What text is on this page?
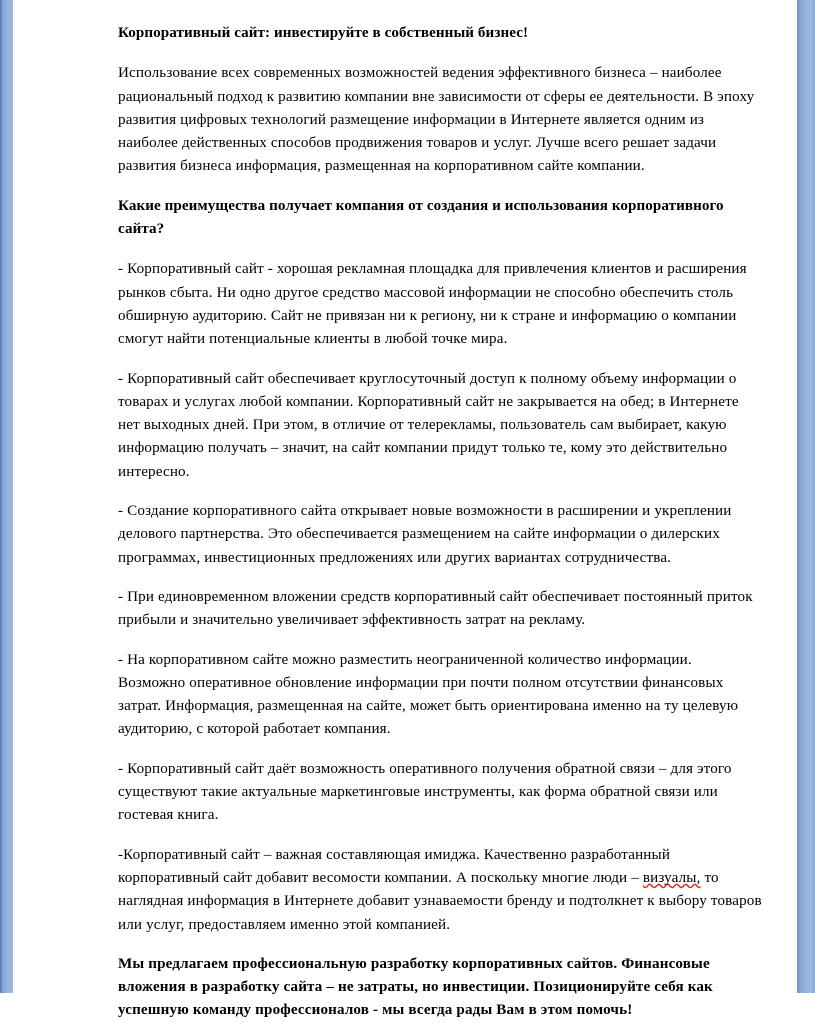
Корпоративный сайт: инвестируйте в собственный бизнес!

Использование всех современных возможностей ведения эффективного бизнеса – наиболее рациональный подход к развитию компании вне зависимости от сферы ее деятельности. В эпоху развития цифровых технологий размещение информации в Интернете является одним из наиболее действенных способов продвижения товаров и услуг. Лучше всего решает задачи развития бизнеса информация, размещенная на корпоративном сайте компании.

Какие преимущества получает компания от создания и использования корпоративного сайта?

- Корпоративный сайт - хорошая рекламная площадка для привлечения клиентов и расширения рынков сбыта. Ни одно другое средство массовой информации не способно обеспечить столь обширную аудиторию. Сайт не привязан ни к региону, ни к стране и информацию о компании смогут найти потенциальные клиенты в любой точке мира.

- Корпоративный сайт обеспечивает круглосуточный доступ к полному объему информации о товарах и услугах любой компании. Корпоративный сайт не закрывается на обед; в Интернете нет выходных дней. При этом, в отличие от телерекламы, пользователь сам выбирает, какую информацию получать – значит, на сайт компании придут только те, кому это действительно интересно.

- Создание корпоративного сайта открывает новые возможности в расширении и укреплении делового партнерства. Это обеспечивается размещением на сайте информации о дилерских программах, инвестиционных предложениях или других вариантах сотрудничества.

- При единовременном вложении средств корпоративный сайт обеспечивает постоянный приток прибыли и значительно увеличивает эффективность затрат на рекламу.

- На корпоративном сайте можно разместить неограниченной количество информации. Возможно оперативное обновление информации при почти полном отсутствии финансовых затрат. Информация, размещенная на сайте, может быть ориентирована именно на ту целевую аудиторию, с которой работает компания.

- Корпоративный сайт даёт возможность оперативного получения обратной связи – для этого существуют такие актуальные маркетинговые инструменты, как форма обратной связи или гостевая книга.

-Корпоративный сайт – важная составляющая имиджа. Качественно разработанный корпоративный сайт добавит весомости компании. А поскольку многие люди – визуалы, то наглядная информация в Интернете добавит узнаваемости бренду и подтолкнет к выбору товаров или услуг, предоставляем именно этой компанией.

Мы предлагаем профессиональную разработку корпоративных сайтов. Финансовые вложения в разработку сайта – не затраты, но инвестиции. Позиционируйте себя как успешную команду профессионалов - мы всегда рады Вам в этом помочь!
